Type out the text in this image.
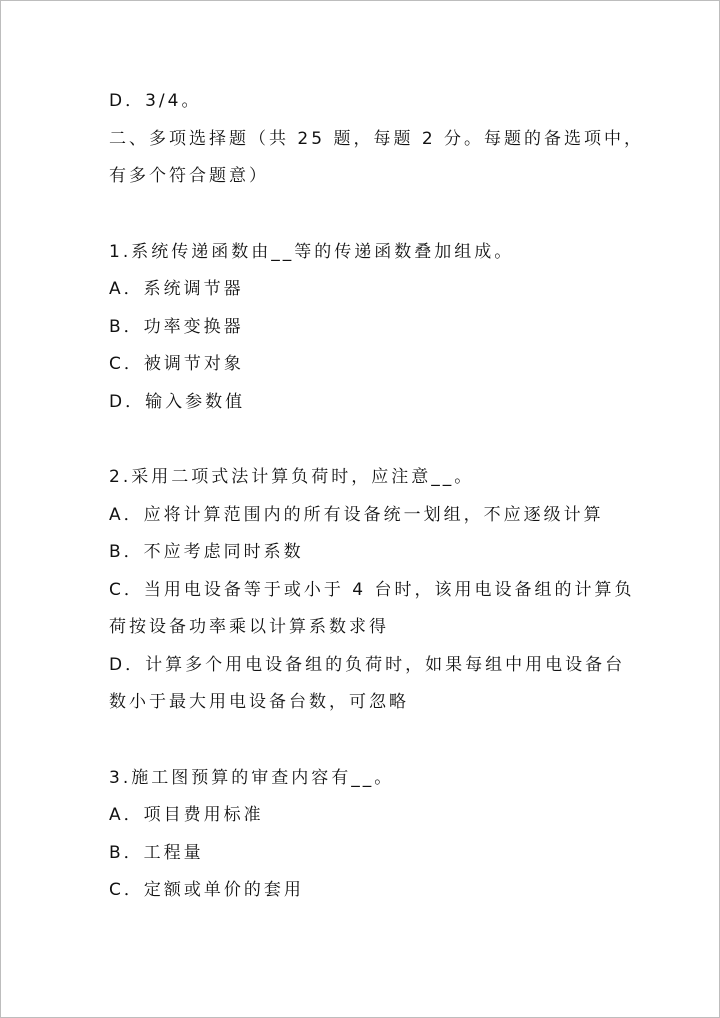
D．3/4。
二、多项选择题（共 25 题，每题 2 分。每题的备选项中，
有多个符合题意）
1.系统传递函数由__等的传递函数叠加组成。
A．系统调节器
B．功率变换器
C．被调节对象
D．输入参数值
2.采用二项式法计算负荷时，应注意__。
A．应将计算范围内的所有设备统一划组，不应逐级计算
B．不应考虑同时系数
C．当用电设备等于或小于 4 台时，该用电设备组的计算负
荷按设备功率乘以计算系数求得
D．计算多个用电设备组的负荷时，如果每组中用电设备台
数小于最大用电设备台数，可忽略
3.施工图预算的审查内容有__。
A．项目费用标准
B．工程量
C．定额或单价的套用
